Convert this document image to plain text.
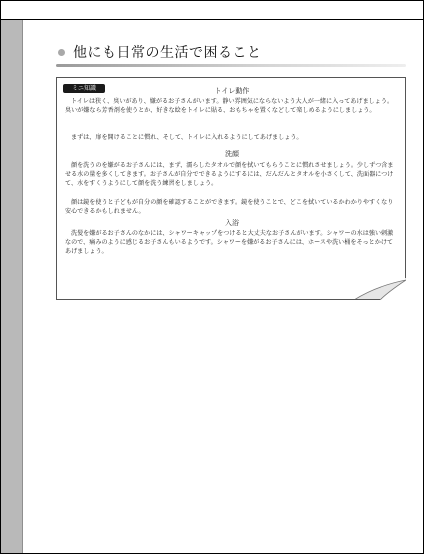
他にも日常の生活で困ること
ミニ知識	トイレ動作
トイレは狭く、臭いがあり、嫌がるお子さんがいます。静い雰囲気にならないよう大人が一緒に入ってあげましょう。臭いが嫌なら芳香剤を使うとか、好きな絵をトイレに貼る、おもちゃを置くなどして楽しめるようにしましょう。
まずは、扉を開けることに慣れ、そして、トイレに入れるようにしてあげましょう。
洗顔
顔を洗うのを嫌がるお子さんには、まず、濡らしたタオルで顔を拭いてもらうことに慣れさせましょう。少しずつ含ませる水の量を多くしてきます。お子さんが自分でできるようにするには、だんだんとタオルを小さくして、洗面器につけて、水をすくうようにして顔を洗う練習をしましょう。
顔は鏡を使うと子どもが自分の顔を確認することができます。鏡を使うことで、どこを拭いているかわかりやすくなり安心できるかもしれません。
入浴
洗髪を嫌がるお子さんのなかには、シャワーキャップをつけると大丈夫なお子さんがいます。シャワーの水は強い刺激なので、痛みのように感じるお子さんもいるようです。シャワーを嫌がるお子さんには、ホースや洗い桶をそっとかけてあげましょう。
